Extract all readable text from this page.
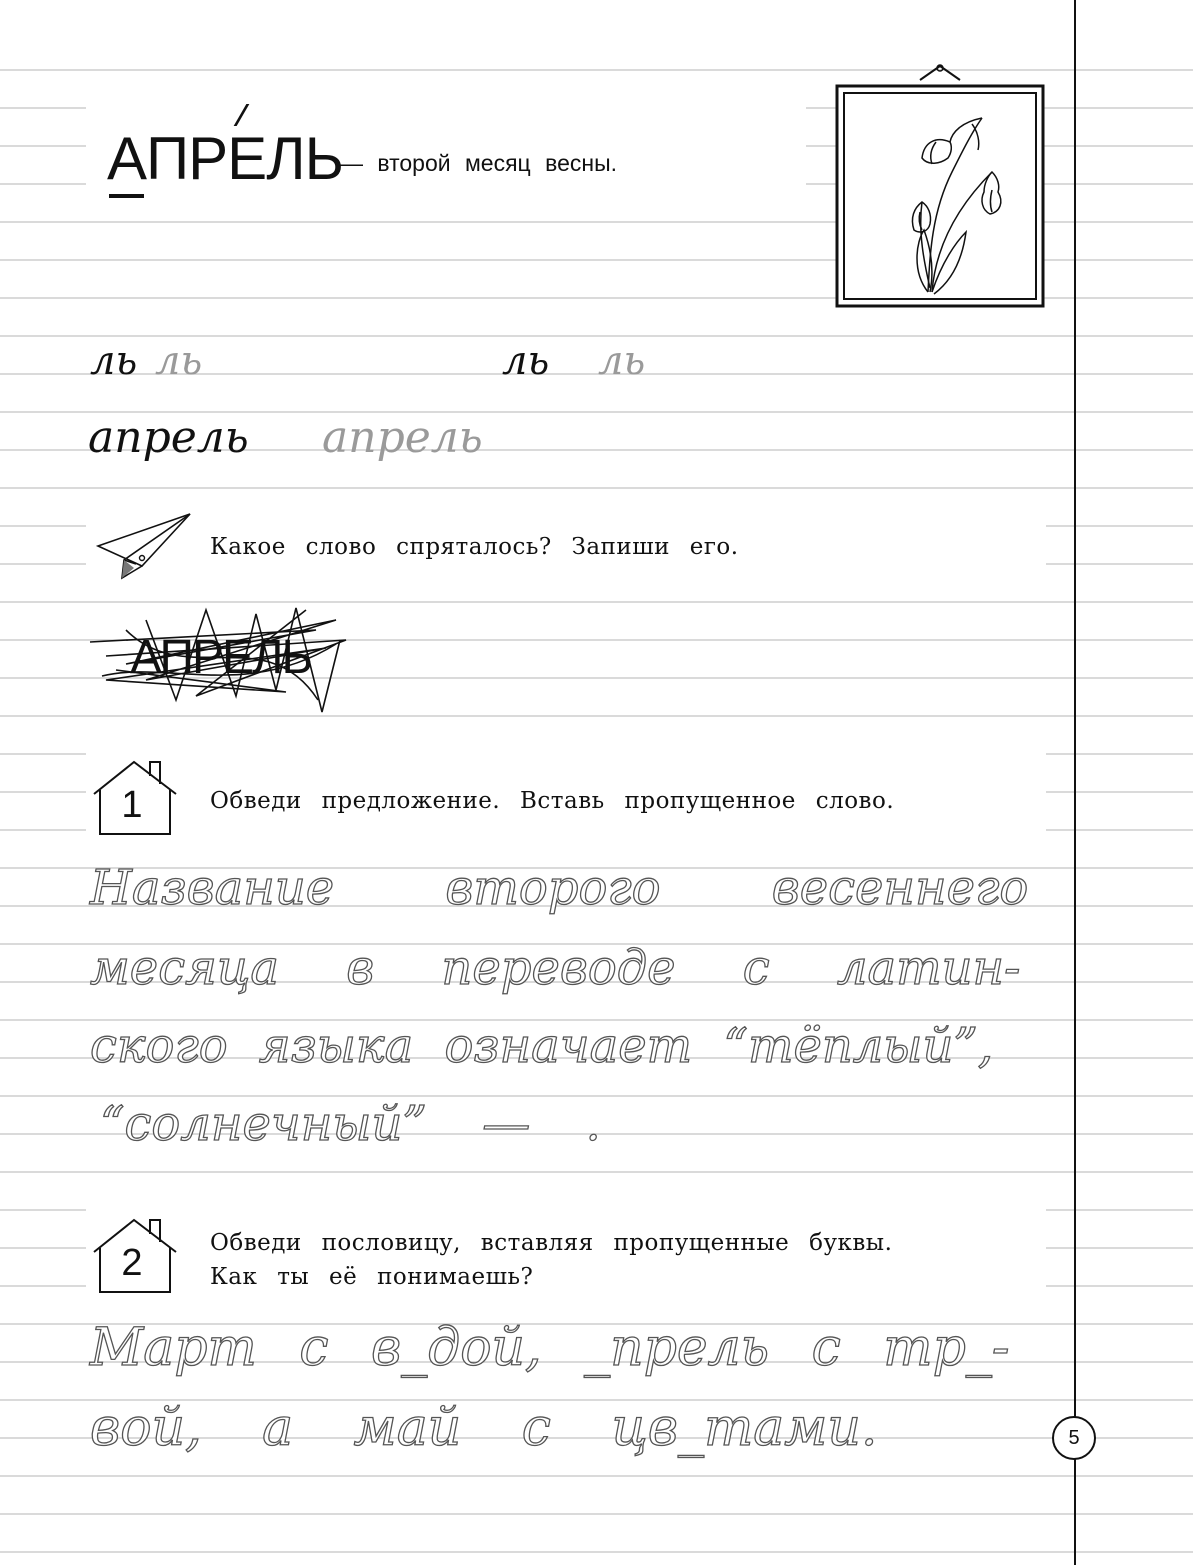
АПРЕЛЬ
— второй месяц весны.
ль ль	ль ль
апрель апрель
Какое слово спряталось? Запиши его.
АПРЕЛЬ
1	Обведи предложение. Вставь пропущенное слово.
Название второго весеннего
месяца в переводе с латин-
ского языка означает “тёплый”,
“солнечный” — .
2	Обведи пословицу, вставляя пропущенные буквы.
Как ты её понимаешь?
Март с в_дой, _прель с тр_-
вой, а май с цв_тами.	5
